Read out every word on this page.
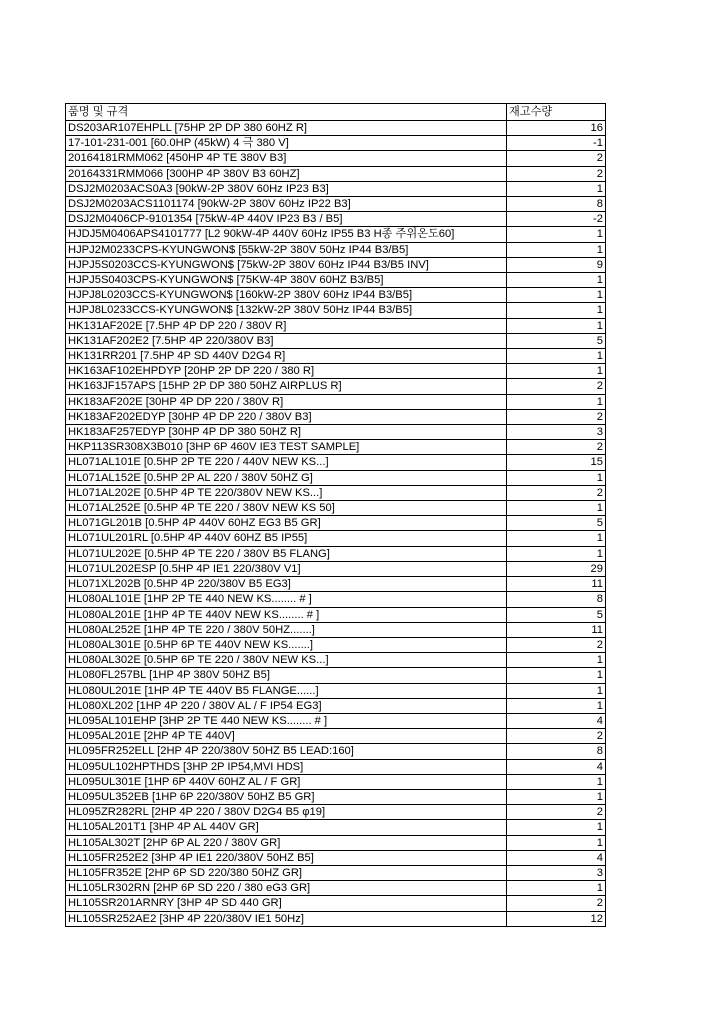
품명 및 규격	재고수량
DS203AR107EHPLL [75HP 2P DP 380 60HZ R]	16
17-101-231-001 [60.0HP (45kW) 4 극 380 V]	-1
20164181RMM062 [450HP 4P TE 380V B3]	2
20164331RMM066 [300HP 4P 380V B3 60HZ]	2
DSJ2M0203ACS0A3 [90kW-2P 380V 60Hz IP23 B3]	1
DSJ2M0203ACS1101174 [90kW-2P 380V 60Hz IP22 B3]	8
DSJ2M0406CP-9101354 [75kW-4P 440V IP23 B3 / B5]	-2
HJDJ5M0406APS4101777 [L2 90kW-4P 440V 60Hz IP55 B3 H종 주위온도60]	1
HJPJ2M0233CPS-KYUNGWON$ [55kW-2P 380V 50Hz IP44 B3/B5]	1
HJPJ5S0203CCS-KYUNGWON$ [75kW-2P 380V 60Hz IP44 B3/B5 INV]	9
HJPJ5S0403CPS-KYUNGWON$ [75KW-4P 380V 60HZ B3/B5]	1
HJPJ8L0203CCS-KYUNGWON$ [160kW-2P 380V 60Hz IP44 B3/B5]	1
HJPJ8L0233CCS-KYUNGWON$ [132kW-2P 380V 50Hz IP44 B3/B5]	1
HK131AF202E [7.5HP 4P DP 220 / 380V R]	1
HK131AF202E2 [7.5HP 4P 220/380V B3]	5
HK131RR201 [7.5HP 4P SD 440V D2G4 R]	1
HK163AF102EHPDYP [20HP 2P DP 220 / 380 R]	1
HK163JF157APS [15HP 2P DP 380 50HZ AIRPLUS R]	2
HK183AF202E [30HP 4P DP 220 / 380V R]	1
HK183AF202EDYP [30HP 4P DP 220 / 380V B3]	2
HK183AF257EDYP [30HP 4P DP 380 50HZ R]	3
HKP113SR308X3B010 [3HP 6P 460V IE3 TEST SAMPLE]	2
HL071AL101E [0.5HP 2P TE 220 / 440V NEW KS...]	15
HL071AL152E [0.5HP 2P AL 220 / 380V 50HZ G]	1
HL071AL202E [0.5HP 4P TE 220/380V NEW KS...]	2
HL071AL252E [0.5HP 4P TE 220 / 380V NEW KS 50]	1
HL071GL201B [0.5HP 4P 440V 60HZ EG3 B5 GR]	5
HL071UL201RL [0.5HP 4P 440V 60HZ B5 IP55]	1
HL071UL202E [0.5HP 4P TE 220 / 380V B5 FLANG]	1
HL071UL202ESP [0.5HP 4P IE1 220/380V V1]	29
HL071XL202B [0.5HP 4P 220/380V B5 EG3]	11
HL080AL101E [1HP 2P TE 440 NEW KS........ # ]	8
HL080AL201E [1HP 4P TE 440V NEW KS........ # ]	5
HL080AL252E [1HP 4P TE 220 / 380V 50HZ.......]	11
HL080AL301E [0.5HP 6P TE 440V NEW KS.......]	2
HL080AL302E [0.5HP 6P TE 220 / 380V NEW KS...]	1
HL080FL257BL [1HP 4P 380V 50HZ B5]	1
HL080UL201E [1HP 4P TE 440V B5 FLANGE......]	1
HL080XL202 [1HP 4P 220 / 380V AL / F IP54 EG3]	1
HL095AL101EHP [3HP 2P TE 440 NEW KS........ # ]	4
HL095AL201E [2HP 4P TE 440V]	2
HL095FR252ELL [2HP 4P 220/380V 50HZ B5 LEAD:160]	8
HL095UL102HPTHDS [3HP 2P IP54,MVI HDS]	4
HL095UL301E [1HP 6P 440V 60HZ AL / F GR]	1
HL095UL352EB [1HP 6P 220/380V 50HZ B5 GR]	1
HL095ZR282RL [2HP 4P 220 / 380V D2G4 B5 φ19]	2
HL105AL201T1 [3HP 4P AL 440V GR]	1
HL105AL302T [2HP 6P AL 220 / 380V GR]	1
HL105FR252E2 [3HP 4P IE1 220/380V 50HZ B5]	4
HL105FR352E [2HP 6P SD 220/380 50HZ GR]	3
HL105LR302RN [2HP 6P SD 220 / 380 eG3 GR]	1
HL105SR201ARNRY [3HP 4P SD 440 GR]	2
HL105SR252AE2 [3HP 4P 220/380V IE1 50Hz]	12
